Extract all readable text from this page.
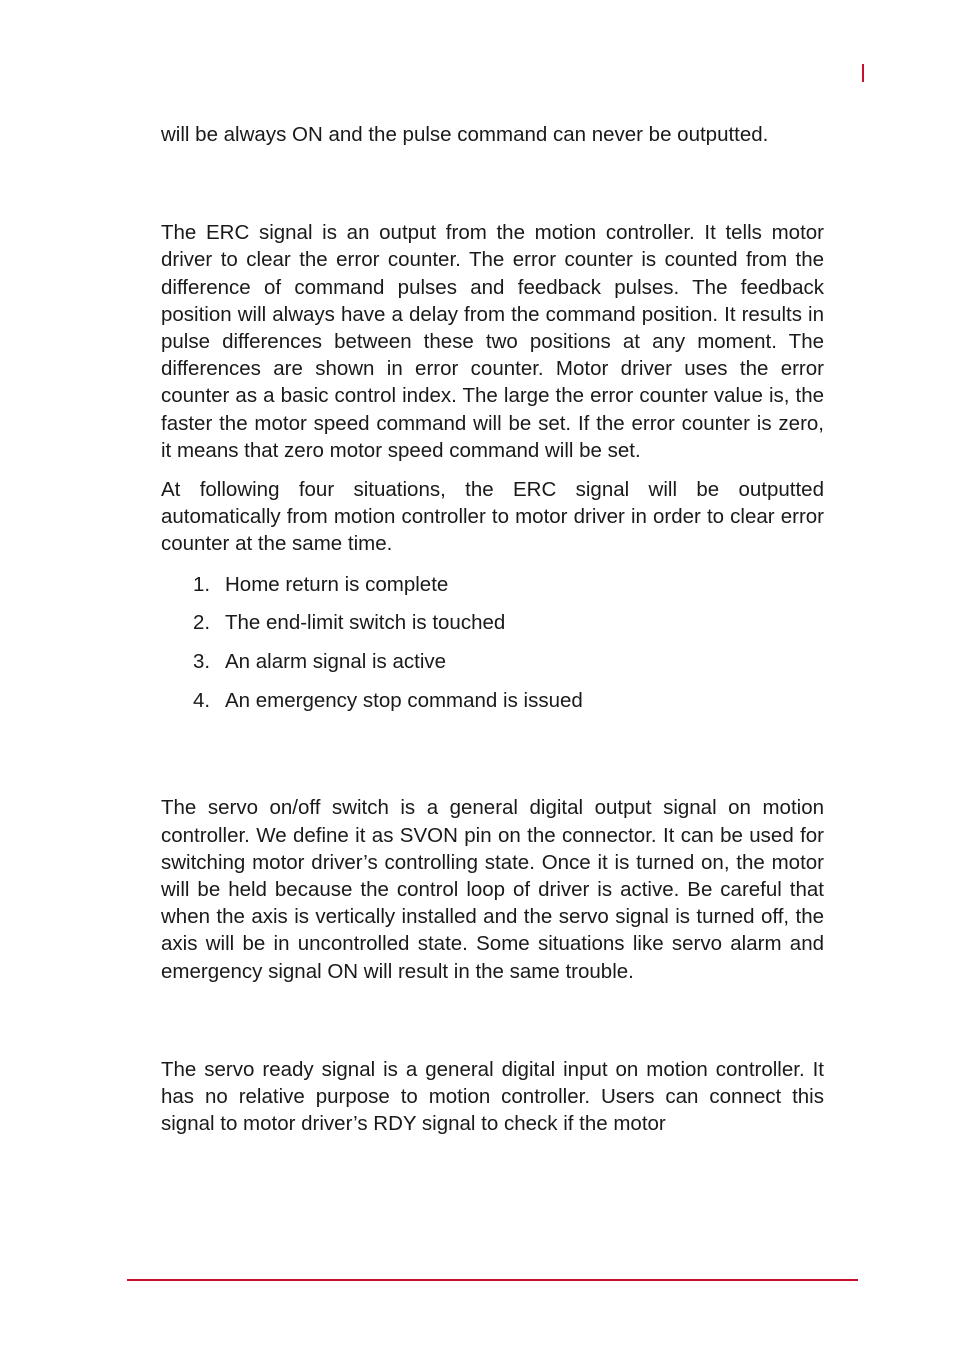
will be always ON and the pulse command can never be outputted.

The ERC signal is an output from the motion controller. It tells motor driver to clear the error counter. The error counter is counted from the difference of command pulses and feedback pulses. The feedback position will always have a delay from the command position. It results in pulse differences between these two positions at any moment. The differences are shown in error counter. Motor driver uses the error counter as a basic control index. The large the error counter value is, the faster the motor speed command will be set. If the error counter is zero, it means that zero motor speed command will be set.

At following four situations, the ERC signal will be outputted automatically from motion controller to motor driver in order to clear error counter at the same time.

1. Home return is complete
2. The end-limit switch is touched
3. An alarm signal is active
4. An emergency stop command is issued

The servo on/off switch is a general digital output signal on motion controller. We define it as SVON pin on the connector. It can be used for switching motor driver’s controlling state. Once it is turned on, the motor will be held because the control loop of driver is active. Be careful that when the axis is vertically installed and the servo signal is turned off, the axis will be in uncontrolled state. Some situations like servo alarm and emergency signal ON will result in the same trouble.

The servo ready signal is a general digital input on motion controller. It has no relative purpose to motion controller. Users can connect this signal to motor driver’s RDY signal to check if the motor
